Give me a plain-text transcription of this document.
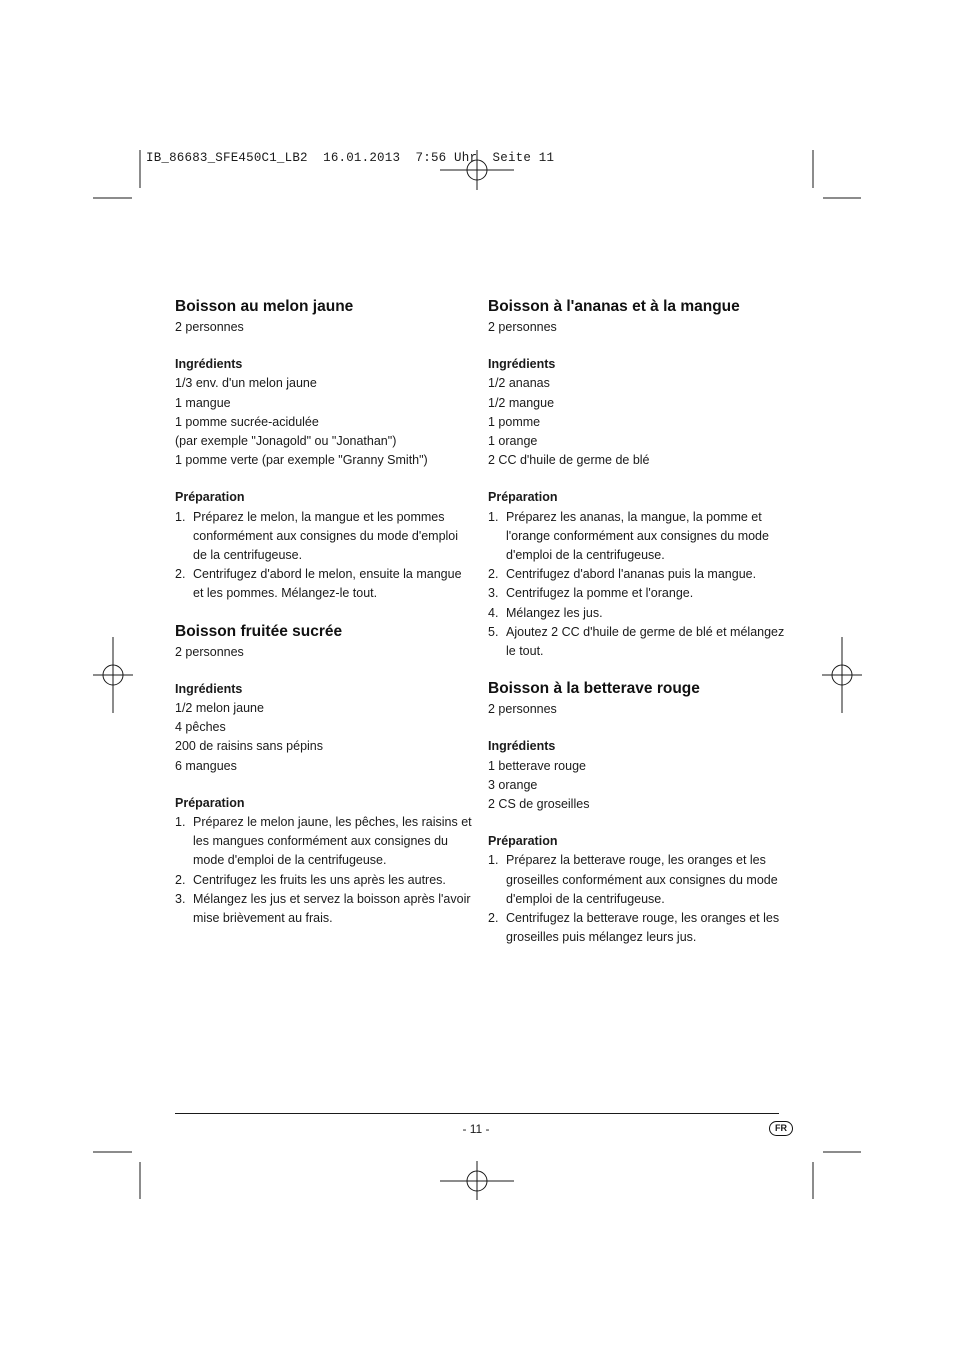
IB_86683_SFE450C1_LB2  16.01.2013  7:56 Uhr  Seite 11
Boisson au melon jaune

2 personnes

Ingrédients

1/3 env. d'un melon jaune

1 mangue

1 pomme sucrée-acidulée

(par exemple "Jonagold" ou "Jonathan")

1 pomme verte (par exemple "Granny Smith")

Préparation

1. Préparez le melon, la mangue et les pommes conformément aux consignes du mode d'emploi de la centrifugeuse.
2. Centrifugez d'abord le melon, ensuite la mangue et les pommes. Mélangez-le tout.
Boisson fruitée sucrée

2 personnes

Ingrédients

1/2 melon jaune

4 pêches

200 de raisins sans pépins

6 mangues

Préparation

1. Préparez le melon jaune, les pêches, les raisins et les mangues conformément aux consignes du mode d'emploi de la centrifugeuse.
2. Centrifugez les fruits les uns après les autres.
3. Mélangez les jus et servez la boisson après l'avoir mise brièvement au frais.
Boisson à l'ananas et à la mangue

2 personnes

Ingrédients

1/2 ananas

1/2 mangue

1 pomme

1 orange

2 CC d'huile de germe de blé

Préparation

1. Préparez les ananas, la mangue, la pomme et l'orange conformément aux consignes du mode d'emploi de la centrifugeuse.
2. Centrifugez d'abord l'ananas puis la mangue.
3. Centrifugez la pomme et l'orange.
4. Mélangez les jus.
5. Ajoutez 2 CC d'huile de germe de blé et mélangez le tout.
Boisson à la betterave rouge

2 personnes

Ingrédients

1 betterave rouge

3 orange

2 CS de groseilles

Préparation

1. Préparez la betterave rouge, les oranges et les groseilles conformément aux consignes du mode d'emploi de la centrifugeuse.
2. Centrifugez la betterave rouge, les oranges et les groseilles puis mélangez leurs jus.
- 11 -	FR
